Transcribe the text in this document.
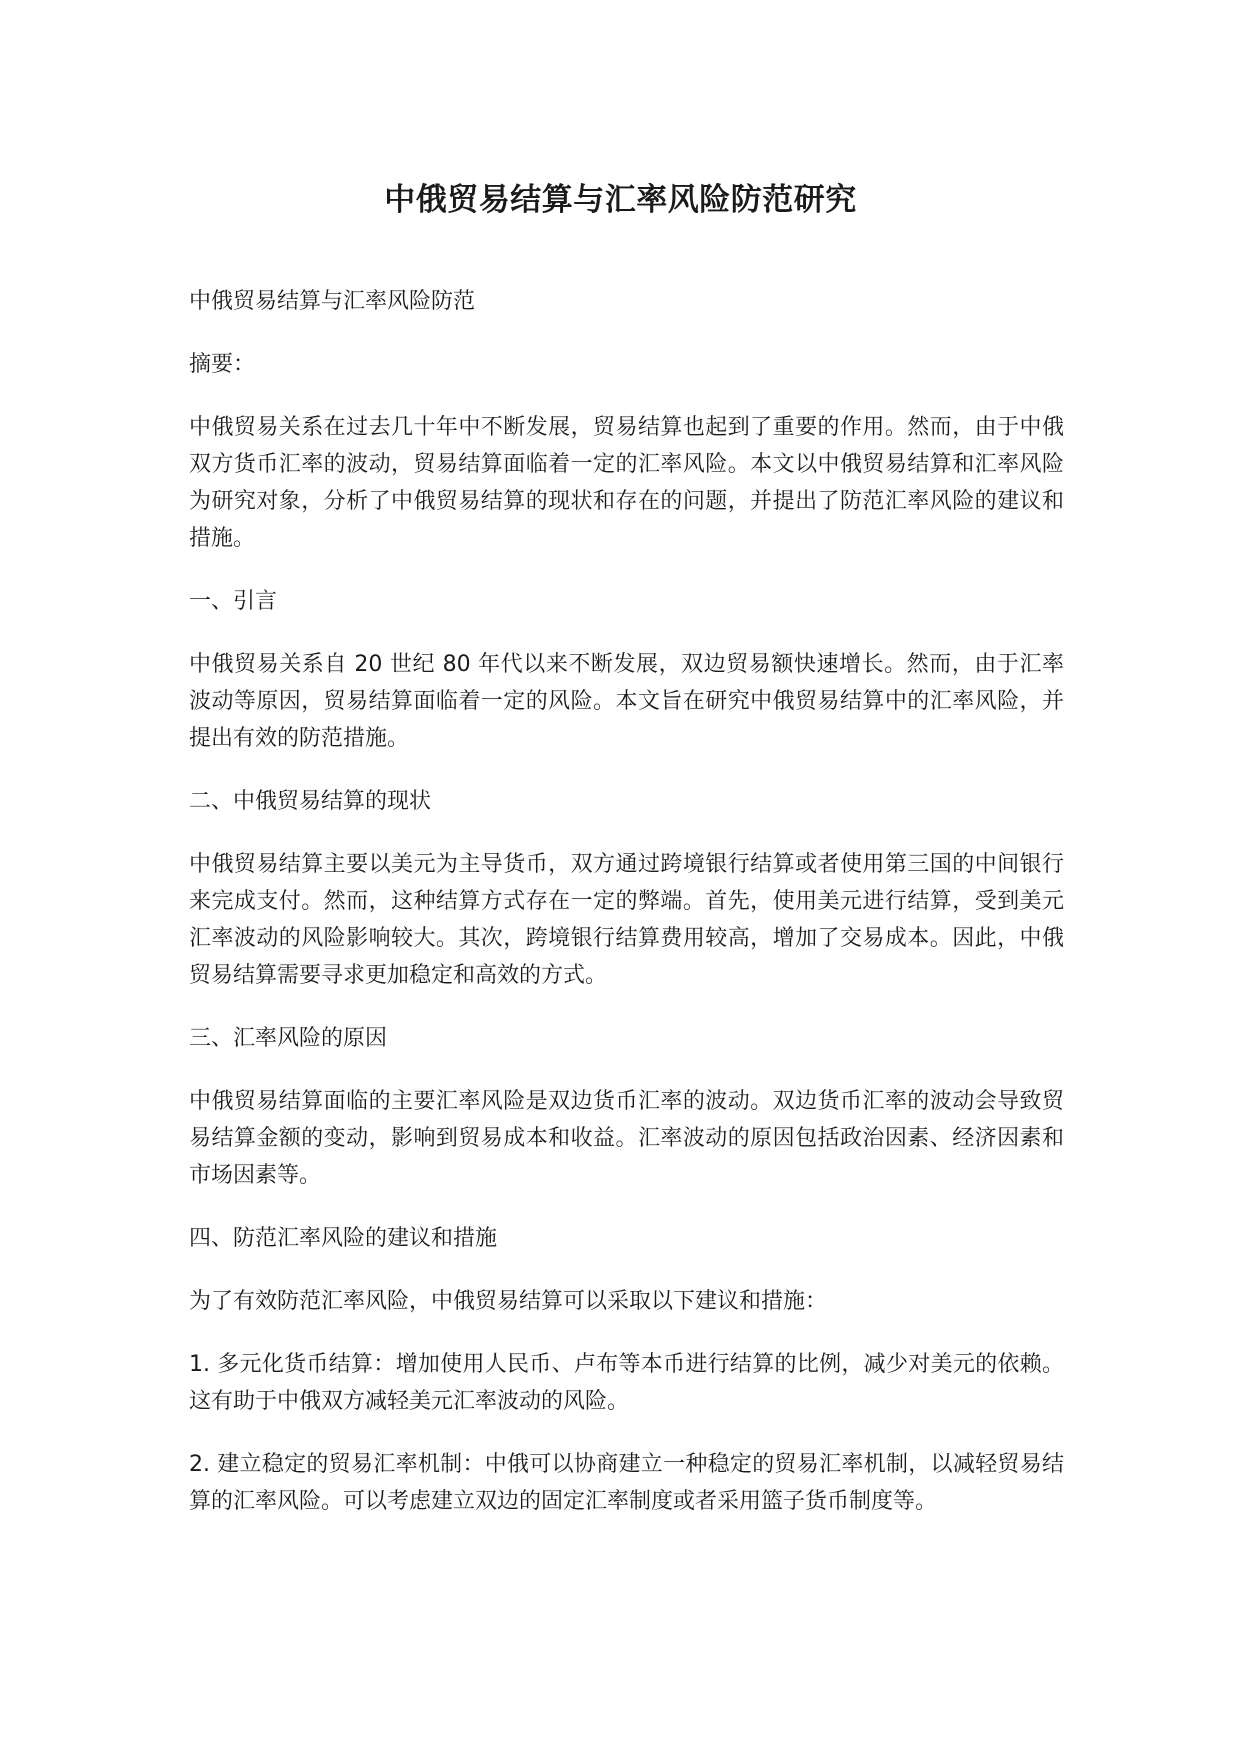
中俄贸易结算与汇率风险防范研究

中俄贸易结算与汇率风险防范

摘要：

中俄贸易关系在过去几十年中不断发展，贸易结算也起到了重要的作用。然而，由于中俄双方货币汇率的波动，贸易结算面临着一定的汇率风险。本文以中俄贸易结算和汇率风险为研究对象，分析了中俄贸易结算的现状和存在的问题，并提出了防范汇率风险的建议和措施。

一、引言

中俄贸易关系自 20 世纪 80 年代以来不断发展，双边贸易额快速增长。然而，由于汇率波动等原因，贸易结算面临着一定的风险。本文旨在研究中俄贸易结算中的汇率风险，并提出有效的防范措施。

二、中俄贸易结算的现状

中俄贸易结算主要以美元为主导货币，双方通过跨境银行结算或者使用第三国的中间银行来完成支付。然而，这种结算方式存在一定的弊端。首先，使用美元进行结算，受到美元汇率波动的风险影响较大。其次，跨境银行结算费用较高，增加了交易成本。因此，中俄贸易结算需要寻求更加稳定和高效的方式。

三、汇率风险的原因

中俄贸易结算面临的主要汇率风险是双边货币汇率的波动。双边货币汇率的波动会导致贸易结算金额的变动，影响到贸易成本和收益。汇率波动的原因包括政治因素、经济因素和市场因素等。

四、防范汇率风险的建议和措施

为了有效防范汇率风险，中俄贸易结算可以采取以下建议和措施：

1. 多元化货币结算：增加使用人民币、卢布等本币进行结算的比例，减少对美元的依赖。这有助于中俄双方减轻美元汇率波动的风险。

2. 建立稳定的贸易汇率机制：中俄可以协商建立一种稳定的贸易汇率机制，以减轻贸易结算的汇率风险。可以考虑建立双边的固定汇率制度或者采用篮子货币制度等。
